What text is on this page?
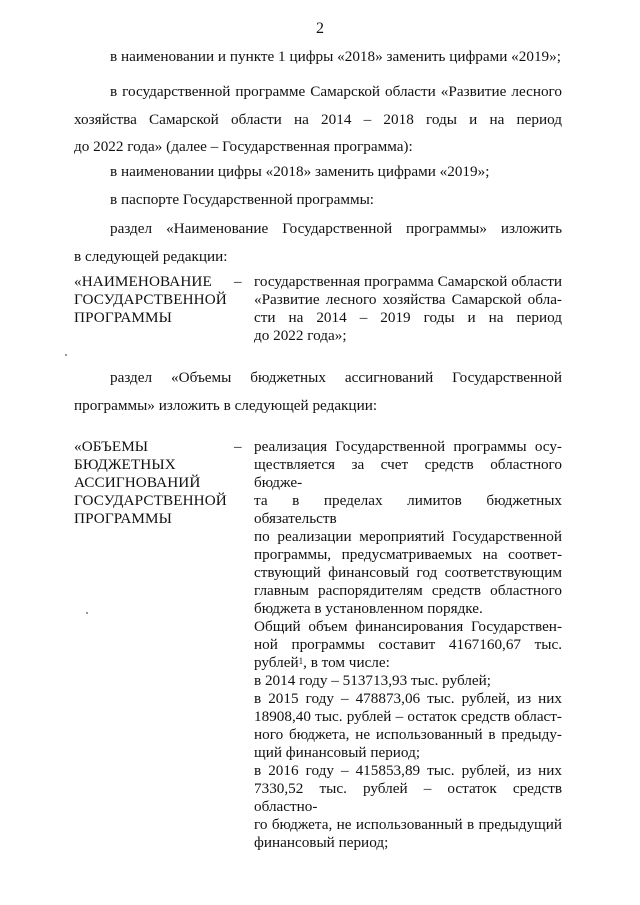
2
в наименовании и пункте 1 цифры «2018» заменить цифрами «2019»;
в государственной программе Самарской области «Развитие лесного
хозяйства Самарской области на 2014 – 2018 годы и на период
до 2022 года» (далее – Государственная программа):
в наименовании цифры «2018» заменить цифрами «2019»;
в паспорте Государственной программы:
раздел «Наименование Государственной программы» изложить
в следующей редакции:
«НАИМЕНОВАНИЕ
ГОСУДАРСТВЕННОЙ
ПРОГРАММЫ
– государственная программа Самарской области
«Развитие лесного хозяйства Самарской обла-
сти на 2014 – 2019 годы и на период
до 2022 года»;
раздел «Объемы бюджетных ассигнований Государственной
программы» изложить в следующей редакции:
«ОБЪЕМЫ
БЮДЖЕТНЫХ
АССИГНОВАНИЙ
ГОСУДАРСТВЕННОЙ
ПРОГРАММЫ
– реализация Государственной программы осу-
ществляется за счет средств областного бюдже-
та в пределах лимитов бюджетных обязательств
по реализации мероприятий Государственной
программы, предусматриваемых на соответ-
ствующий финансовый год соответствующим
главным распорядителям средств областного
бюджета в установленном порядке.
Общий объем финансирования Государствен-
ной программы составит 4167160,67 тыс.
рублей$^1$, в том числе:
в 2014 году – 513713,93 тыс. рублей;
в 2015 году – 478873,06 тыс. рублей, из них
18908,40 тыс. рублей – остаток средств област-
ного бюджета, не использованный в предыду-
щий финансовый период;
в 2016 году – 415853,89 тыс. рублей, из них
7330,52 тыс. рублей – остаток средств областно-
го бюджета, не использованный в предыдущий
финансовый период;
